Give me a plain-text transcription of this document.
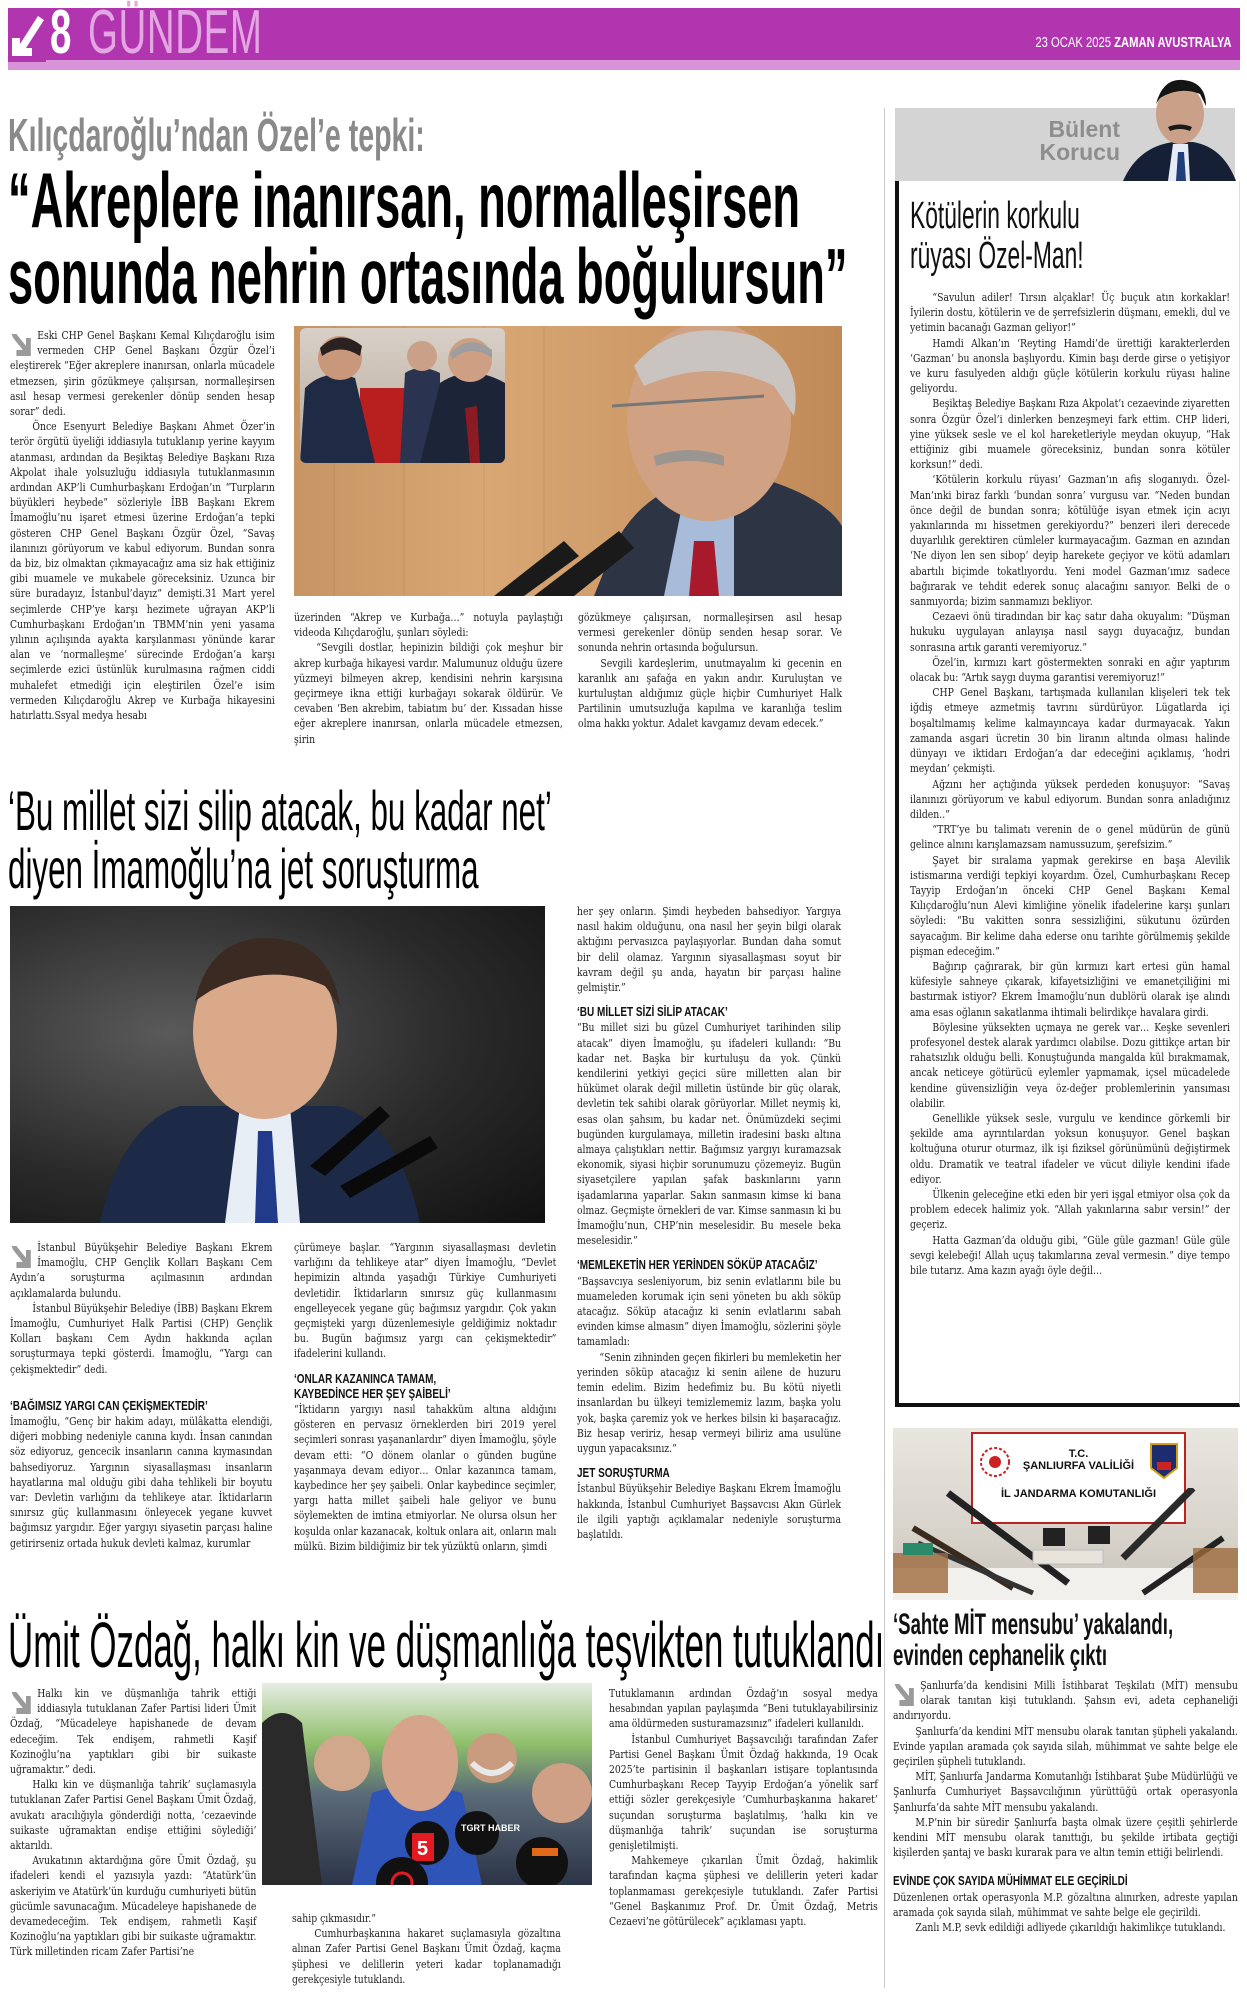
8 GÜNDEM	23 OCAK 2025 ZAMAN AVUSTRALYA
Kılıçdaroğlu’ndan Özel’e tepki:
“Akreplere inanırsan, normalleşirsen
sonunda nehrin ortasında boğulursun”

Eski CHP Genel Başkanı Kemal Kılıçdaroğlu isim vermeden CHP Genel Başkanı Özgür Özel’i eleştirerek “Eğer akreplere inanırsan, onlarla mücadele etmezsen, şirin gözükmeye çalışırsan, normalleşirsen asıl hesap vermesi gerekenler dönüp senden hesap sorar” dedi.

Önce Esenyurt Belediye Başkanı Ahmet Özer’in terör örgütü üyeliği iddiasıyla tutuklanıp yerine kayyım atanması, ardından da Beşiktaş Belediye Başkanı Rıza Akpolat ihale yolsuzluğu iddiasıyla tutuklanmasının ardından AKP’li Cumhurbaşkanı Erdoğan’ın “Turpların büyükleri heybede” sözleriyle İBB Başkanı Ekrem İmamoğlu’nu işaret etmesi üzerine Erdoğan’a tepki gösteren CHP Genel Başkanı Özgür Özel, “Savaş ilanınızı görüyorum ve kabul ediyorum. Bundan sonra da biz, biz olmaktan çıkmayacağız ama siz hak ettiğiniz gibi muamele ve mukabele göreceksiniz. Uzunca bir süre buradayız, İstanbul’dayız” demişti.31 Mart yerel seçimlerde CHP’ye karşı hezimete uğrayan AKP’li Cumhurbaşkanı Erdoğan’ın TBMM’nin yeni yasama yılının açılışında ayakta karşılanması yönünde karar alan ve ‘normalleşme’ sürecinde Erdoğan’a karşı seçimlerde ezici üstünlük kurulmasına rağmen ciddi muhalefet etmediği için eleştirilen Özel’e isim vermeden Kılıçdaroğlu Akrep ve Kurbağa hikayesini hatırlattı.Ssyal medya hesabı

üzerinden “Akrep ve Kurbağa…” notuyla paylaştığı videoda Kılıçdaroğlu, şunları söyledi:

“Sevgili dostlar, hepinizin bildiği çok meşhur bir akrep kurbağa hikayesi vardır. Malumunuz olduğu üzere yüzmeyi bilmeyen akrep, kendisini nehrin karşısına geçirmeye ikna ettiği kurbağayı sokarak öldürür. Ve cevaben ‘Ben akrebim, tabiatım bu’ der. Kıssadan hisse eğer akreplere inanırsan, onlarla mücadele etmezsen, şirin

gözükmeye çalışırsan, normalleşirsen asıl hesap vermesi gerekenler dönüp senden hesap sorar. Ve sonunda nehrin ortasında boğulursun.

Sevgili kardeşlerim, unutmayalım ki gecenin en karanlık anı şafağa en yakın andır. Kuruluştan ve kurtuluştan aldığımız güçle hiçbir Cumhuriyet Halk Partilinin umutsuzluğa kapılma ve karanlığa teslim olma hakkı yoktur. Adalet kavgamız devam edecek.”

‘Bu millet sizi silip atacak, bu kadar net’
diyen İmamoğlu’na jet soruşturma

İstanbul Büyükşehir Belediye Başkanı Ekrem İmamoğlu, CHP Gençlik Kolları Başkanı Cem Aydın’a soruşturma açılmasının ardından açıklamalarda bulundu.

İstanbul Büyükşehir Belediye (İBB) Başkanı Ekrem İmamoğlu, Cumhuriyet Halk Partisi (CHP) Gençlik Kolları başkanı Cem Aydın hakkında açılan soruşturmaya tepki gösterdi. İmamoğlu, “Yargı can çekişmektedir” dedi.

‘BAĞIMSIZ YARGI CAN ÇEKİŞMEKTEDİR’

İmamoğlu, “Genç bir hakim adayı, mülâkatta elendiği, diğeri mobbing nedeniyle canına kıydı. İnsan canından söz ediyoruz, gencecik insanların canına kıymasından bahsediyoruz. Yargının siyasallaşması insanların hayatlarına mal olduğu gibi daha tehlikeli bir boyutu var: Devletin varlığını da tehlikeye atar. İktidarların sınırsız güç kullanmasını önleyecek yegane kuvvet bağımsız yargıdır. Eğer yargıyı siyasetin parçası haline getirirseniz ortada hukuk devleti kalmaz, kurumlar

çürümeye başlar. “Yargının siyasallaşması devletin varlığını da tehlikeye atar” diyen İmamoğlu, “Devlet hepimizin altında yaşadığı Türkiye Cumhuriyeti devletidir. İktidarların sınırsız güç kullanmasını engelleyecek yegane güç bağımsız yargıdır. Çok yakın geçmişteki yargı düzenlemesiyle geldiğimiz noktadır bu. Bugün bağımsız yargı can çekişmektedir” ifadelerini kullandı.

‘ONLAR KAZANINCA TAMAM,
KAYBEDİNCE HER ŞEY ŞAİBELİ’

“İktidarın yargıyı nasıl tahakküm altına aldığını gösteren en pervasız örneklerden biri 2019 yerel seçimleri sonrası yaşananlardır” diyen İmamoğlu, şöyle devam etti: “O dönem olanlar o günden bugüne yaşanmaya devam ediyor… Onlar kazanınca tamam, kaybedince her şey şaibeli. Onlar kaybedince seçimler, yargı hatta millet şaibeli hale geliyor ve bunu söylemekten de imtina etmiyorlar. Ne olursa olsun her koşulda onlar kazanacak, koltuk onlara ait, onların malı mülkü. Bizim bildiğimiz bir tek yüzüktü onların, şimdi

her şey onların. Şimdi heybeden bahsediyor. Yargıya nasıl hakim olduğunu, ona nasıl her şeyin bilgi olarak aktığını pervasızca paylaşıyorlar. Bundan daha somut bir delil olamaz. Yargının siyasallaşması soyut bir kavram değil şu anda, hayatın bir parçası haline gelmiştir.”

‘BU MİLLET SİZİ SİLİP ATACAK’

“Bu millet sizi bu güzel Cumhuriyet tarihinden silip atacak” diyen İmamoğlu, şu ifadeleri kullandı: “Bu kadar net. Başka bir kurtuluşu da yok. Çünkü kendilerini yetkiyi geçici süre milletten alan bir hükümet olarak değil milletin üstünde bir güç olarak, devletin tek sahibi olarak görüyorlar. Millet neymiş ki, esas olan şahsım, bu kadar net. Önümüzdeki seçimi bugünden kurgulamaya, milletin iradesini baskı altına almaya çalıştıkları nettir. Bağımsız yargıyı kuramazsak ekonomik, siyasi hiçbir sorunumuzu çözemeyiz. Bugün siyasetçilere yapılan şafak baskınlarını yarın işadamlarına yaparlar. Sakın sanmasın kimse ki bana olmaz. Geçmişte örnekleri de var. Kimse sanmasın ki bu İmamoğlu’nun, CHP’nin meselesidir. Bu mesele beka meselesidir.”

‘MEMLEKETİN HER YERİNDEN SÖKÜP ATACAĞIZ’

“Başsavcıya sesleniyorum, biz senin evlatlarını bile bu muameleden korumak için seni yöneten bu aklı söküp atacağız. Söküp atacağız ki senin evlatlarını sabah evinden kimse almasın” diyen İmamoğlu, sözlerini şöyle tamamladı:

“Senin zihninden geçen fikirleri bu memleketin her yerinden söküp atacağız ki senin ailene de huzuru temin edelim. Bizim hedefimiz bu. Bu kötü niyetli insanlardan bu ülkeyi temizlememiz lazım, başka yolu yok, başka çaremiz yok ve herkes bilsin ki başaracağız. Biz hesap veririz, hesap vermeyi biliriz ama usulüne uygun yapacaksınız.”

JET SORUŞTURMA

İstanbul Büyükşehir Belediye Başkanı Ekrem İmamoğlu hakkında, İstanbul Cumhuriyet Başsavcısı Akın Gürlek ile ilgili yaptığı açıklamalar nedeniyle soruşturma başlatıldı.

Ümit Özdağ, halkı kin ve düşmanlığa teşvikten tutuklandı

Halkı kin ve düşmanlığa tahrik ettiği iddiasıyla tutuklanan Zafer Partisi lideri Ümit Özdağ, “Mücadeleye hapishanede de devam edeceğim. Tek endişem, rahmetli Kaşif Kozinoğlu’na yaptıkları gibi bir suikaste uğramaktır.” dedi.

Halkı kin ve düşmanlığa tahrik’ suçlamasıyla tutuklanan Zafer Partisi Genel Başkanı Ümit Özdağ, avukatı aracılığıyla gönderdiği notta, ‘cezaevinde suikaste uğramaktan endişe ettiğini söylediği’ aktarıldı.

Avukatının aktardığına göre Ümit Özdağ, şu ifadeleri kendi el yazısıyla yazdı: “Atatürk’ün askeriyim ve Atatürk’ün kurduğu cumhuriyeti bütün gücümle savunacağım. Mücadeleye hapishanede de devamedeceğim. Tek endişem, rahmetli Kaşif Kozinoğlu’na yaptıkları gibi bir suikaste uğramaktır. Türk milletinden ricam Zafer Partisi’ne

5
TGRT HABER

sahip çıkmasıdır.”

Cumhurbaşkanına hakaret suçlamasıyla gözaltına alınan Zafer Partisi Genel Başkanı Ümit Özdağ, kaçma şüphesi ve delillerin yeteri kadar toplanamadığı gerekçesiyle tutuklandı.

Tutuklamanın ardından Özdağ’ın sosyal medya hesabından yapılan paylaşımda “Beni tutuklayabilirsiniz ama öldürmeden susturamazsınız” ifadeleri kullanıldı.

İstanbul Cumhuriyet Başsavcılığı tarafından Zafer Partisi Genel Başkanı Ümit Özdağ hakkında, 19 Ocak 2025’te partisinin il başkanları istişare toplantısında Cumhurbaşkanı Recep Tayyip Erdoğan’a yönelik sarf ettiği sözler gerekçesiyle ‘Cumhurbaşkanına hakaret’ suçundan soruşturma başlatılmış, ‘halkı kin ve düşmanlığa tahrik’ suçundan ise soruşturma genişletilmişti.

Mahkemeye çıkarılan Ümit Özdağ, hakimlik tarafından kaçma şüphesi ve delillerin yeteri kadar toplanmaması gerekçesiyle tutuklandı. Zafer Partisi “Genel Başkanımız Prof. Dr. Ümit Özdağ, Metris Cezaevi’ne götürülecek” açıklaması yaptı.

Bülent
Korucu
Kötülerin korkulu
rüyası Özel-Man!

“Savulun adiler! Tırsın alçaklar! Üç buçuk atın korkaklar! İyilerin dostu, kötülerin ve de şerrefsizlerin düşmanı, emekli, dul ve yetimin bacanağı Gazman geliyor!”

Hamdi Alkan’ın ‘Reyting Hamdi’de ürettiği karakterlerden ‘Gazman’ bu anonsla başlıyordu. Kimin başı derde girse o yetişiyor ve kuru fasulyeden aldığı güçle kötülerin korkulu rüyası haline geliyordu.

Beşiktaş Belediye Başkanı Rıza Akpolat’ı cezaevinde ziyaretten sonra Özgür Özel’i dinlerken benzeşmeyi fark ettim. CHP lideri, yine yüksek sesle ve el kol hareketleriyle meydan okuyup, “Hak ettiğiniz gibi muamele göreceksiniz, bundan sonra kötüler korksun!” dedi.

‘Kötülerin korkulu rüyası’ Gazman’ın afiş sloganıydı. Özel-Man’ınki biraz farklı ‘bundan sonra’ vurgusu var. “Neden bundan önce değil de bundan sonra; kötülüğe isyan etmek için acıyı yakınlarında mı hissetmen gerekiyordu?” benzeri ileri derecede duyarlılık gerektiren cümleler kurmayacağım. Gazman en azından ‘Ne diyon len sen sibop’ deyip harekete geçiyor ve kötü adamları abartılı biçimde tokatlıyordu. Yeni model Gazman’ımız sadece bağırarak ve tehdit ederek sonuç alacağını sanıyor. Belki de o sanmıyorda; bizim sanmamızı bekliyor.

Cezaevi önü tiradından bir kaç satır daha okuyalım: “Düşman hukuku uygulayan anlayışa nasıl saygı duyacağız, bundan sonrasına artık garanti veremiyoruz.”

Özel’in, kırmızı kart göstermekten sonraki en ağır yaptırım olacak bu: “Artık saygı duyma garantisi veremiyoruz!”

CHP Genel Başkanı, tartışmada kullanılan klişeleri tek tek iğdiş etmeye azmetmiş tavrını sürdürüyor. Lügatlarda içi boşaltılmamış kelime kalmayıncaya kadar durmayacak. Yakın zamanda asgari ücretin 30 bin liranın altında olması halinde dünyayı ve iktidarı Erdoğan’a dar edeceğini açıklamış, ‘hodri meydan’ çekmişti.

Ağzını her açtığında yüksek perdeden konuşuyor: “Savaş ilanınızı görüyorum ve kabul ediyorum. Bundan sonra anladığınız dilden..”

“TRT’ye bu talimatı verenin de o genel müdürün de günü gelince alnını karışlamazsam namussuzum, şerefsizim.”

Şayet bir sıralama yapmak gerekirse en başa Alevilik istismarına verdiği tepkiyi koyardım. Özel, Cumhurbaşkanı Recep Tayyip Erdoğan’ın önceki CHP Genel Başkanı Kemal Kılıçdaroğlu’nun Alevi kimliğine yönelik ifadelerine karşı şunları söyledi: “Bu vakitten sonra sessizliğini, sükutunu özürden sayacağım. Bir kelime daha ederse onu tarihte görülmemiş şekilde pişman edeceğim.”

Bağırıp çağırarak, bir gün kırmızı kart ertesi gün hamal küfesiyle sahneye çıkarak, kifayetsizliğini ve emanetçiliğini mi bastırmak istiyor? Ekrem İmamoğlu’nun dublörü olarak işe alındı ama esas oğlanın sakatlanma ihtimali belirdikçe havalara girdi.

Böylesine yüksekten uçmaya ne gerek var… Keşke sevenleri profesyonel destek alarak yardımcı olabilse. Dozu gittikçe artan bir rahatsızlık olduğu belli. Konuştuğunda mangalda kül bırakmamak, ancak neticeye götürücü eylemler yapmamak, içsel mücadelede kendine güvensizliğin veya öz-değer problemlerinin yansıması olabilir.

Genellikle yüksek sesle, vurgulu ve kendince görkemli bir şekilde ama ayrıntılardan yoksun konuşuyor. Genel başkan koltuğuna oturur oturmaz, ilk işi fiziksel görünümünü değiştirmek oldu. Dramatik ve teatral ifadeler ve vücut diliyle kendini ifade ediyor.

Ülkenin geleceğine etki eden bir yeri işgal etmiyor olsa çok da problem edecek halimiz yok. “Allah yakınlarına sabır versin!” der geçeriz.

Hatta Gazman’da olduğu gibi, “Güle güle gazman! Güle güle sevgi kelebeği! Allah uçuş takımlarına zeval vermesin.” diye tempo bile tutarız. Ama kazın ayağı öyle değil…

T.C.
ŞANLIURFA VALİLİĞİ
İL JANDARMA KOMUTANLIĞI
‘Sahte MİT mensubu’ yakalandı,
evinden cephanelik çıktı

Şanlıurfa’da kendisini Milli İstihbarat Teşkilatı (MİT) mensubu olarak tanıtan kişi tutuklandı. Şahsın evi, adeta cephaneliği andırıyordu.

Şanlıurfa’da kendini MİT mensubu olarak tanıtan şüpheli yakalandı. Evinde yapılan aramada çok sayıda silah, mühimmat ve sahte belge ele geçirilen şüpheli tutuklandı.

MİT, Şanlıurfa Jandarma Komutanlığı İstihbarat Şube Müdürlüğü ve Şanlıurfa Cumhuriyet Başsavcılığının yürüttüğü ortak operasyonla Şanlıurfa’da sahte MİT mensubu yakalandı.

M.P’nin bir süredir Şanlıurfa başta olmak üzere çeşitli şehirlerde kendini MİT mensubu olarak tanıttığı, bu şekilde irtibata geçtiği kişilerden şantaj ve baskı kurarak para ve altın temin ettiği belirlendi.

EVİNDE ÇOK SAYIDA MÜHİMMAT ELE GEÇİRİLDİ

Düzenlenen ortak operasyonla M.P. gözaltına alınırken, adreste yapılan aramada çok sayıda silah, mühimmat ve sahte belge ele geçirildi.

Zanlı M.P, sevk edildiği adliyede çıkarıldığı hakimlikçe tutuklandı.
